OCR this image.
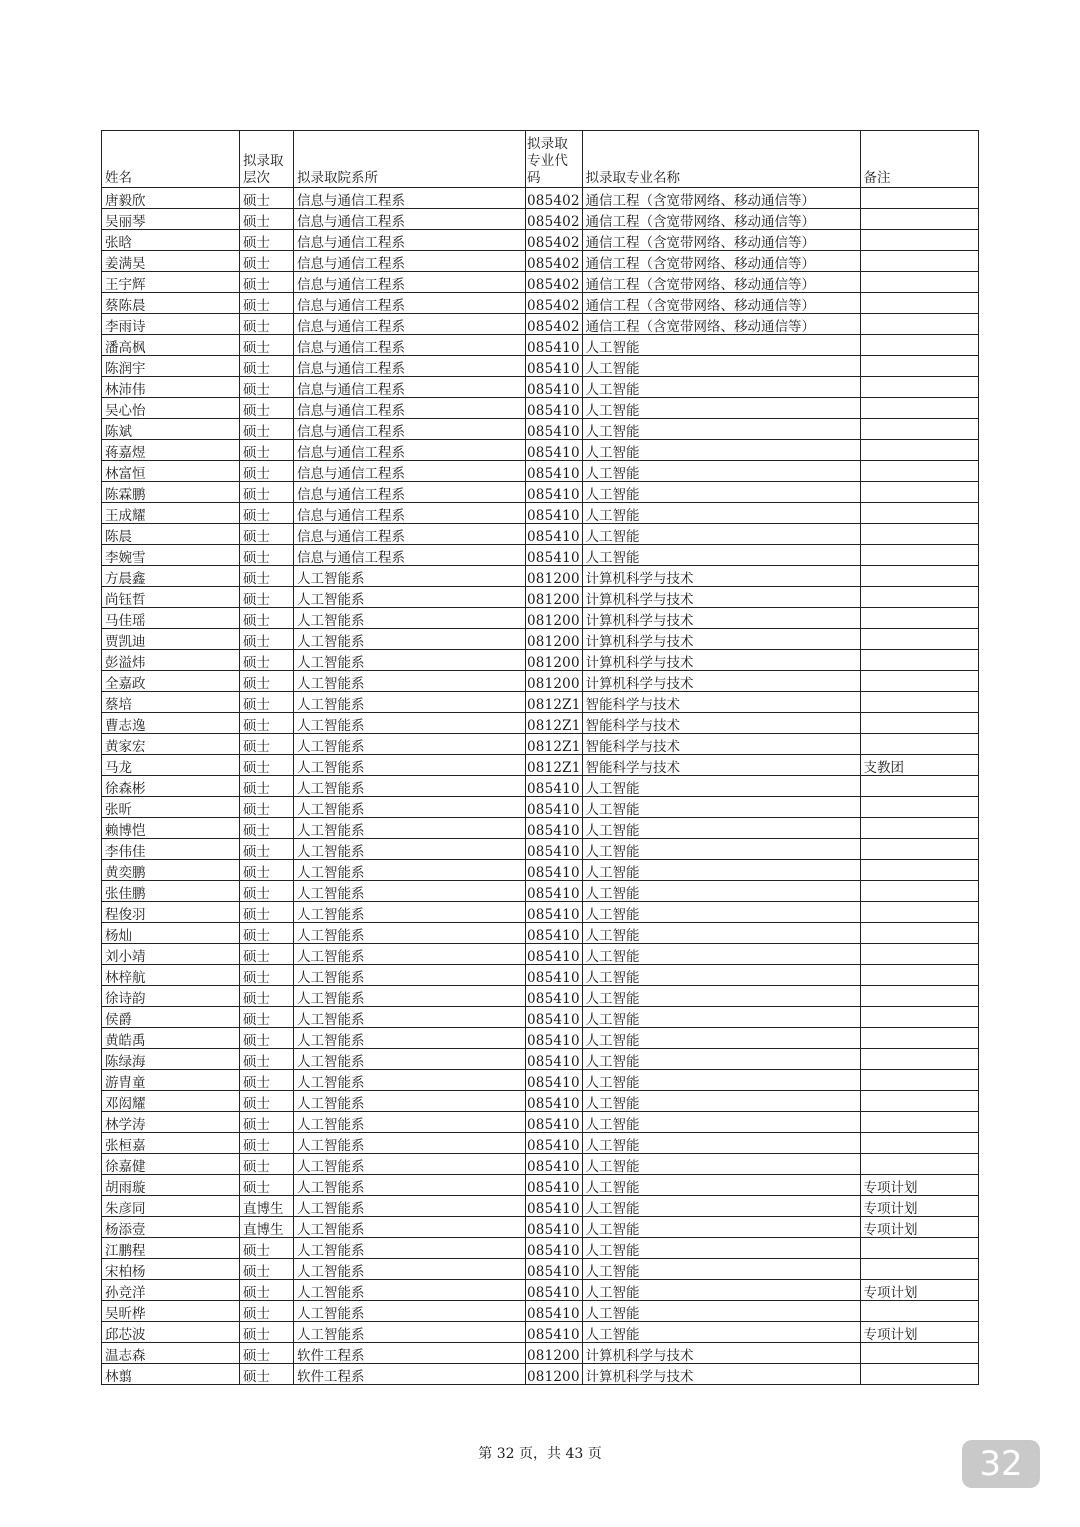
姓名	拟录取层次	拟录取院系所	拟录取专业代码	拟录取专业名称	备注
唐毅欣	硕士	信息与通信工程系	085402	通信工程（含宽带网络、移动通信等）	
吴丽琴	硕士	信息与通信工程系	085402	通信工程（含宽带网络、移动通信等）	
张晗	硕士	信息与通信工程系	085402	通信工程（含宽带网络、移动通信等）	
姜满昊	硕士	信息与通信工程系	085402	通信工程（含宽带网络、移动通信等）	
王宇辉	硕士	信息与通信工程系	085402	通信工程（含宽带网络、移动通信等）	
蔡陈晨	硕士	信息与通信工程系	085402	通信工程（含宽带网络、移动通信等）	
李雨诗	硕士	信息与通信工程系	085402	通信工程（含宽带网络、移动通信等）	
潘高枫	硕士	信息与通信工程系	085410	人工智能	
陈润宇	硕士	信息与通信工程系	085410	人工智能	
林沛伟	硕士	信息与通信工程系	085410	人工智能	
吴心怡	硕士	信息与通信工程系	085410	人工智能	
陈斌	硕士	信息与通信工程系	085410	人工智能	
蒋嘉煜	硕士	信息与通信工程系	085410	人工智能	
林富恒	硕士	信息与通信工程系	085410	人工智能	
陈霖鹏	硕士	信息与通信工程系	085410	人工智能	
王成耀	硕士	信息与通信工程系	085410	人工智能	
陈晨	硕士	信息与通信工程系	085410	人工智能	
李婉雪	硕士	信息与通信工程系	085410	人工智能	
方晨鑫	硕士	人工智能系	081200	计算机科学与技术	
尚钰哲	硕士	人工智能系	081200	计算机科学与技术	
马佳瑶	硕士	人工智能系	081200	计算机科学与技术	
贾凯迪	硕士	人工智能系	081200	计算机科学与技术	
彭溢炜	硕士	人工智能系	081200	计算机科学与技术	
全嘉政	硕士	人工智能系	081200	计算机科学与技术	
蔡培	硕士	人工智能系	0812Z1	智能科学与技术	
曹志逸	硕士	人工智能系	0812Z1	智能科学与技术	
黄家宏	硕士	人工智能系	0812Z1	智能科学与技术	
马龙	硕士	人工智能系	0812Z1	智能科学与技术	支教团
徐森彬	硕士	人工智能系	085410	人工智能	
张昕	硕士	人工智能系	085410	人工智能	
赖博恺	硕士	人工智能系	085410	人工智能	
李伟佳	硕士	人工智能系	085410	人工智能	
黄奕鹏	硕士	人工智能系	085410	人工智能	
张佳鹏	硕士	人工智能系	085410	人工智能	
程俊羽	硕士	人工智能系	085410	人工智能	
杨灿	硕士	人工智能系	085410	人工智能	
刘小靖	硕士	人工智能系	085410	人工智能	
林梓航	硕士	人工智能系	085410	人工智能	
徐诗韵	硕士	人工智能系	085410	人工智能	
侯爵	硕士	人工智能系	085410	人工智能	
黄皓禹	硕士	人工智能系	085410	人工智能	
陈绿海	硕士	人工智能系	085410	人工智能	
游胄童	硕士	人工智能系	085410	人工智能	
邓闳耀	硕士	人工智能系	085410	人工智能	
林学涛	硕士	人工智能系	085410	人工智能	
张桓嘉	硕士	人工智能系	085410	人工智能	
徐嘉健	硕士	人工智能系	085410	人工智能	
胡雨璇	硕士	人工智能系	085410	人工智能	专项计划
朱彦同	直博生	人工智能系	085410	人工智能	专项计划
杨添壹	直博生	人工智能系	085410	人工智能	专项计划
江鹏程	硕士	人工智能系	085410	人工智能	
宋柏杨	硕士	人工智能系	085410	人工智能	
孙竞洋	硕士	人工智能系	085410	人工智能	专项计划
吴昕桦	硕士	人工智能系	085410	人工智能	
邱芯波	硕士	人工智能系	085410	人工智能	专项计划
温志森	硕士	软件工程系	081200	计算机科学与技术	
林翦	硕士	软件工程系	081200	计算机科学与技术	
第 32 页，共 43 页	32
